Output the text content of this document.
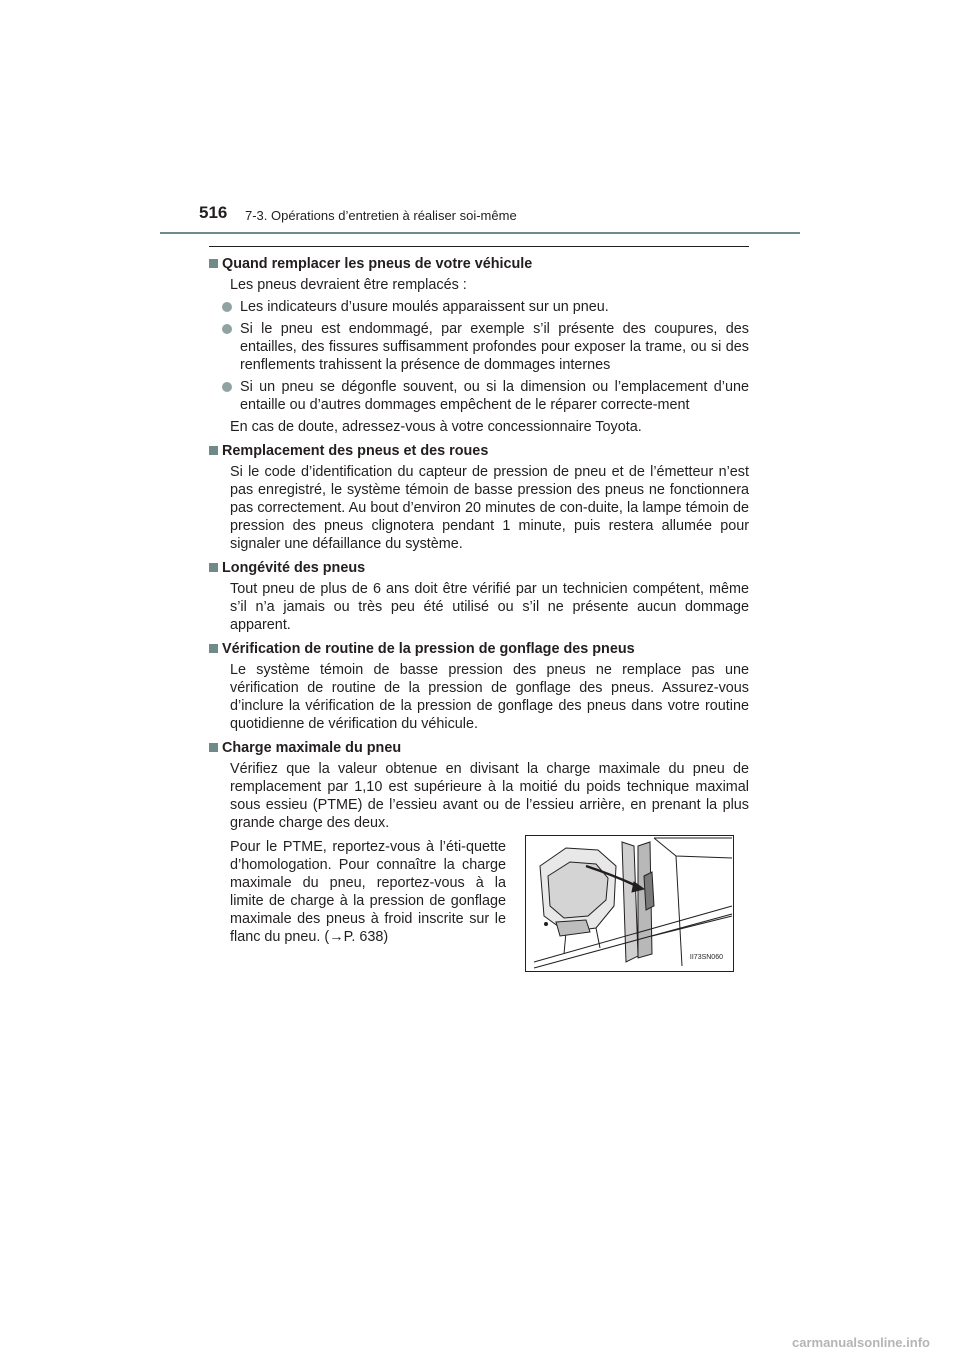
516 7-3. Opérations d’entretien à réaliser soi-même
Quand remplacer les pneus de votre véhicule

Les pneus devraient être remplacés :

Les indicateurs d’usure moulés apparaissent sur un pneu.
Si le pneu est endommagé, par exemple s’il présente des coupures, des entailles, des fissures suffisamment profondes pour exposer la trame, ou si des renflements trahissent la présence de dommages internes
Si un pneu se dégonfle souvent, ou si la dimension ou l’emplacement d’une entaille ou d’autres dommages empêchent de le réparer correcte-ment

En cas de doute, adressez-vous à votre concessionnaire Toyota.

Remplacement des pneus et des roues

Si le code d’identification du capteur de pression de pneu et de l’émetteur n’est pas enregistré, le système témoin de basse pression des pneus ne fonctionnera pas correctement. Au bout d’environ 20 minutes de con-duite, la lampe témoin de pression des pneus clignotera pendant 1 minute, puis restera allumée pour signaler une défaillance du système.

Longévité des pneus

Tout pneu de plus de 6 ans doit être vérifié par un technicien compétent, même s’il n’a jamais ou très peu été utilisé ou s’il ne présente aucun dommage apparent.

Vérification de routine de la pression de gonflage des pneus

Le système témoin de basse pression des pneus ne remplace pas une vérification de routine de la pression de gonflage des pneus. Assurez-vous d’inclure la vérification de la pression de gonflage des pneus dans votre routine quotidienne de vérification du véhicule.

Charge maximale du pneu

Vérifiez que la valeur obtenue en divisant la charge maximale du pneu de remplacement par 1,10 est supérieure à la moitié du poids technique maximal sous essieu (PTME) de l’essieu avant ou de l’essieu arrière, en prenant la plus grande charge des deux.

Pour le PTME, reportez-vous à l’éti-quette d’homologation. Pour connaître la charge maximale du pneu, reportez-vous à la limite de charge à la pression de gonflage maximale des pneus à froid inscrite sur le flanc du pneu. (→P. 638)

II73SN060
carmanualsonline.info
